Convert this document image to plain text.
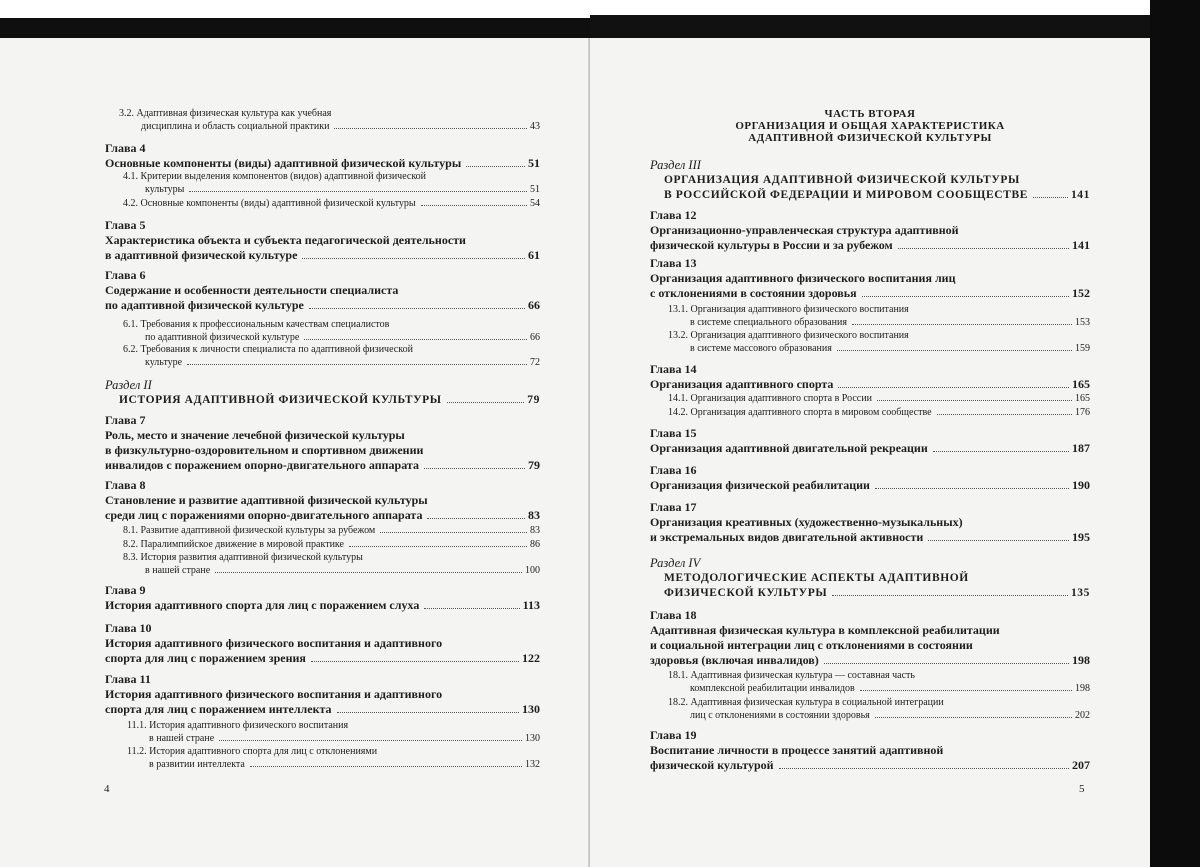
3.2. Адаптивная физическая культура как учебная
дисциплина и область социальной практики	43
Глава 4
Основные компоненты (виды) адаптивной физической культуры	51
4.1. Критерии выделения компонентов (видов) адаптивной физической
культуры	51
4.2. Основные компоненты (виды) адаптивной физической культуры	54
Глава 5
Характеристика объекта и субъекта педагогической деятельности
в адаптивной физической культуре	61
Глава 6
Содержание и особенности деятельности специалиста
по адаптивной физической культуре	66
6.1. Требования к профессиональным качествам специалистов
по адаптивной физической культуре	66
6.2. Требования к личности специалиста по адаптивной физической
культуре	72
Раздел II
ИСТОРИЯ АДАПТИВНОЙ ФИЗИЧЕСКОЙ КУЛЬТУРЫ	79
Глава 7
Роль, место и значение лечебной физической культуры
в физкультурно-оздоровительном и спортивном движении
инвалидов с поражением опорно-двигательного аппарата	79
Глава 8
Становление и развитие адаптивной физической культуры
среди лиц с поражениями опорно-двигательного аппарата	83
8.1. Развитие адаптивной физической культуры за рубежом	83
8.2. Паралимпийское движение в мировой практике	86
8.3. История развития адаптивной физической культуры
в нашей стране	100
Глава 9
История адаптивного спорта для лиц с поражением слуха	113
Глава 10
История адаптивного физического воспитания и адаптивного
спорта для лиц с поражением зрения	122
Глава 11
История адаптивного физического воспитания и адаптивного
спорта для лиц с поражением интеллекта	130
11.1. История адаптивного физического воспитания
в нашей стране	130
11.2. История адаптивного спорта для лиц с отклонениями
в развитии интеллекта	132
4
ЧАСТЬ ВТОРАЯ
ОРГАНИЗАЦИЯ И ОБЩАЯ ХАРАКТЕРИСТИКА
АДАПТИВНОЙ ФИЗИЧЕСКОЙ КУЛЬТУРЫ
Раздел III
ОРГАНИЗАЦИЯ АДАПТИВНОЙ ФИЗИЧЕСКОЙ КУЛЬТУРЫ
В РОССИЙСКОЙ ФЕДЕРАЦИИ И МИРОВОМ СООБЩЕСТВЕ	141
Глава 12
Организационно-управленческая структура адаптивной
физической культуры в России и за рубежом	141
Глава 13
Организация адаптивного физического воспитания лиц
с отклонениями в состоянии здоровья	152
13.1. Организация адаптивного физического воспитания
в системе специального образования	153
13.2. Организация адаптивного физического воспитания
в системе массового образования	159
Глава 14
Организация адаптивного спорта	165
14.1. Организация адаптивного спорта в России	165
14.2. Организация адаптивного спорта в мировом сообществе	176
Глава 15
Организация адаптивной двигательной рекреации	187
Глава 16
Организация физической реабилитации	190
Глава 17
Организация креативных (художественно-музыкальных)
и экстремальных видов двигательной активности	195
Раздел IV
МЕТОДОЛОГИЧЕСКИЕ АСПЕКТЫ АДАПТИВНОЙ
ФИЗИЧЕСКОЙ КУЛЬТУРЫ	135
Глава 18
Адаптивная физическая культура в комплексной реабилитации
и социальной интеграции лиц с отклонениями в состоянии
здоровья (включая инвалидов)	198
18.1. Адаптивная физическая культура — составная часть
комплексной реабилитации инвалидов	198
18.2. Адаптивная физическая культура в социальной интеграции
лиц с отклонениями в состоянии здоровья	202
Глава 19
Воспитание личности в процессе занятий адаптивной
физической культурой	207
5
